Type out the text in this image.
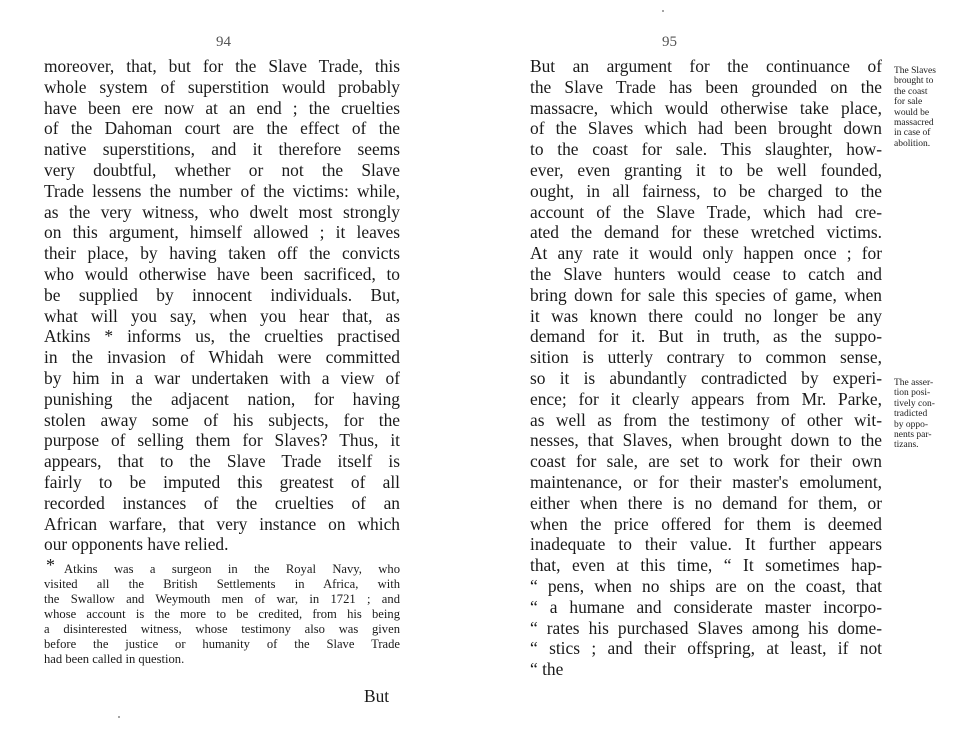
94
moreover, that, but for the Slave Trade, this
whole system of superstition would probably
have been ere now at an end ; the cruelties
of the Dahoman court are the effect of the
native superstitions, and it therefore seems
very doubtful, whether or not the Slave
Trade lessens the number of the victims: while,
as the very witness, who dwelt most strongly
on this argument, himself allowed ; it leaves
their place, by having taken off the convicts
who would otherwise have been sacrificed, to
be supplied by innocent individuals. But,
what will you say, when you hear that, as
Atkins * informs us, the cruelties practised
in the invasion of Whidah were committed
by him in a war undertaken with a view of
punishing the adjacent nation, for having
stolen away some of his subjects, for the
purpose of selling them for Slaves? Thus, it
appears, that to the Slave Trade itself is
fairly to be imputed this greatest of all
recorded instances of the cruelties of an
African warfare, that very instance on which
our opponents have relied.
* Atkins was a surgeon in the Royal Navy, who
visited all the British Settlements in Africa, with
the Swallow and Weymouth men of war, in 1721 ; and
whose account is the more to be credited, from his being
a disinterested witness, whose testimony also was given
before the justice or humanity of the Slave Trade
had been called in question.
But
95
But an argument for the continuance of
the Slave Trade has been grounded on the
massacre, which would otherwise take place,
of the Slaves which had been brought down
to the coast for sale. This slaughter, how-
ever, even granting it to be well founded,
ought, in all fairness, to be charged to the
account of the Slave Trade, which had cre-
ated the demand for these wretched victims.
At any rate it would only happen once ; for
the Slave hunters would cease to catch and
bring down for sale this species of game, when
it was known there could no longer be any
demand for it. But in truth, as the suppo-
sition is utterly contrary to common sense,
so it is abundantly contradicted by experi-
ence; for it clearly appears from Mr. Parke,
as well as from the testimony of other wit-
nesses, that Slaves, when brought down to the
coast for sale, are set to work for their own
maintenance, or for their master's emolument,
either when there is no demand for them, or
when the price offered for them is deemed
inadequate to their value. It further appears
that, even at this time, “ It sometimes hap-
“ pens, when no ships are on the coast, that
“ a humane and considerate master incorpo-
“ rates his purchased Slaves among his dome-
“ stics ; and their offspring, at least, if not
“ the
The Slaves
brought to
the coast
for sale
would be
massacred
in case of
abolition.
The asser-
tion posi-
tively con-
tradicted
by oppo-
nents par-
tizans.
